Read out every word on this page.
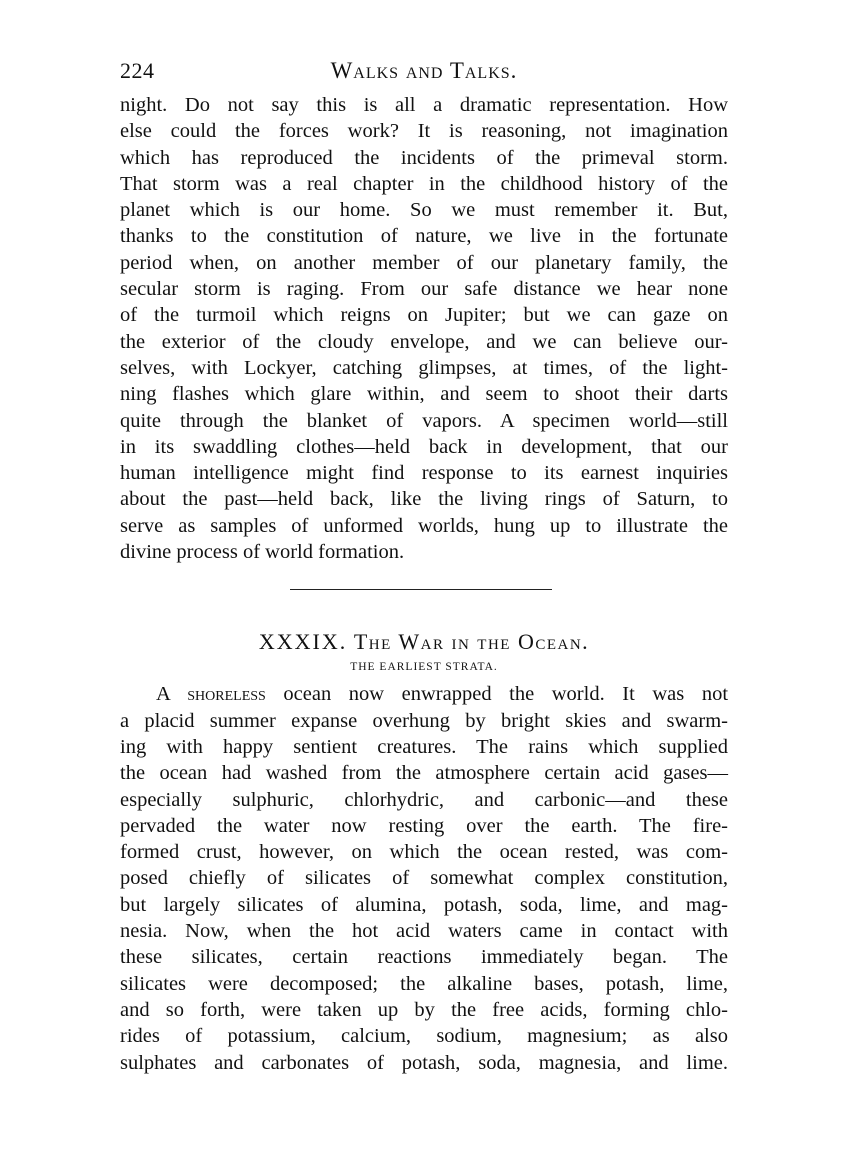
224	Walks and Talks.

night. Do not say this is all a dramatic representation. How
else could the forces work? It is reasoning, not imagination
which has reproduced the incidents of the primeval storm.
That storm was a real chapter in the childhood history of the
planet which is our home. So we must remember it. But,
thanks to the constitution of nature, we live in the fortunate
period when, on another member of our planetary family, the
secular storm is raging. From our safe distance we hear none
of the turmoil which reigns on Jupiter; but we can gaze on
the exterior of the cloudy envelope, and we can believe our-
selves, with Lockyer, catching glimpses, at times, of the light-
ning flashes which glare within, and seem to shoot their darts
quite through the blanket of vapors. A specimen world—still
in its swaddling clothes—held back in development, that our
human intelligence might find response to its earnest inquiries
about the past—held back, like the living rings of Saturn, to
serve as samples of unformed worlds, hung up to illustrate the
divine process of world formation.

XXXIX. The War in the Ocean.
THE EARLIEST STRATA.

A shoreless ocean now enwrapped the world. It was not
a placid summer expanse overhung by bright skies and swarm-
ing with happy sentient creatures. The rains which supplied
the ocean had washed from the atmosphere certain acid gases—
especially sulphuric, chlorhydric, and carbonic—and these
pervaded the water now resting over the earth. The fire-
formed crust, however, on which the ocean rested, was com-
posed chiefly of silicates of somewhat complex constitution,
but largely silicates of alumina, potash, soda, lime, and mag-
nesia. Now, when the hot acid waters came in contact with
these silicates, certain reactions immediately began. The
silicates were decomposed; the alkaline bases, potash, lime,
and so forth, were taken up by the free acids, forming chlo-
rides of potassium, calcium, sodium, magnesium; as also
sulphates and carbonates of potash, soda, magnesia, and lime.
